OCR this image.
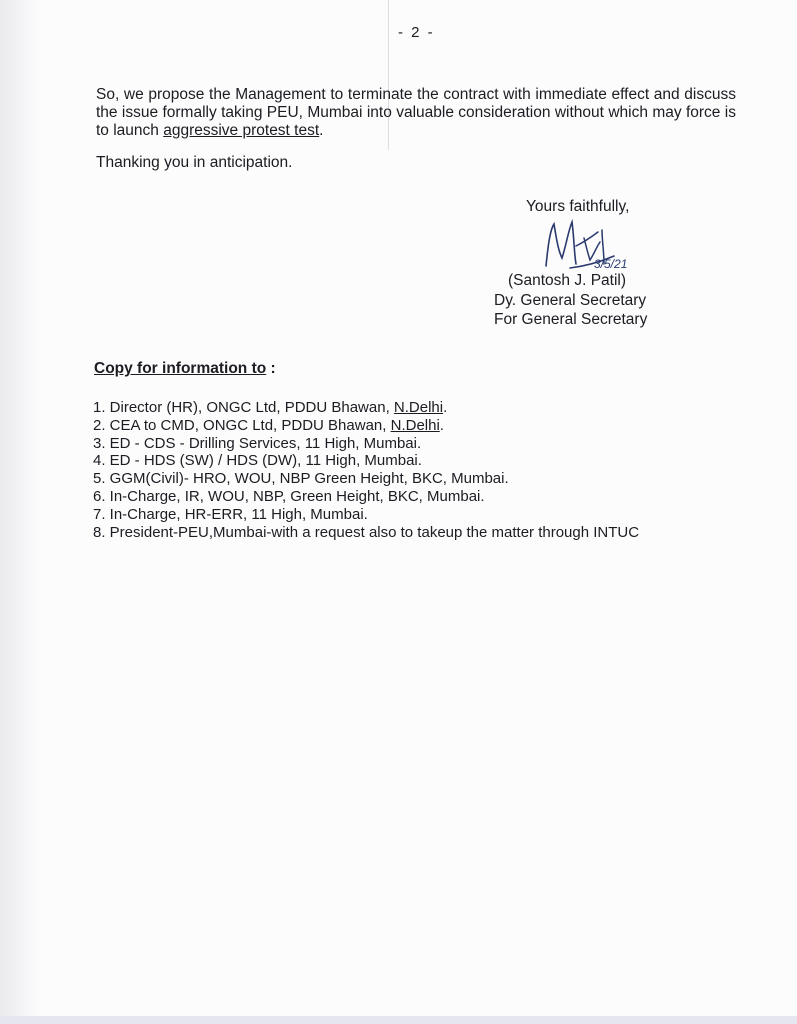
- 2 -
So, we propose the Management to terminate the contract with immediate effect and discuss the issue formally taking PEU, Mumbai into valuable consideration without which may force is to launch aggressive protest test.
Thanking you in anticipation.
Yours faithfully,
3/5/21
(Santosh J. Patil)
Dy. General Secretary
For General Secretary
Copy for information to :
1. Director (HR), ONGC Ltd, PDDU Bhawan, N.Delhi.
2. CEA to CMD, ONGC Ltd, PDDU Bhawan, N.Delhi.
3. ED - CDS - Drilling Services, 11 High, Mumbai.
4. ED - HDS (SW) / HDS (DW), 11 High, Mumbai.
5. GGM(Civil)- HRO, WOU, NBP Green Height, BKC, Mumbai.
6. In-Charge, IR, WOU, NBP, Green Height, BKC, Mumbai.
7. In-Charge, HR-ERR, 11 High, Mumbai.
8. President-PEU,Mumbai-with a request also to takeup the matter through INTUC
